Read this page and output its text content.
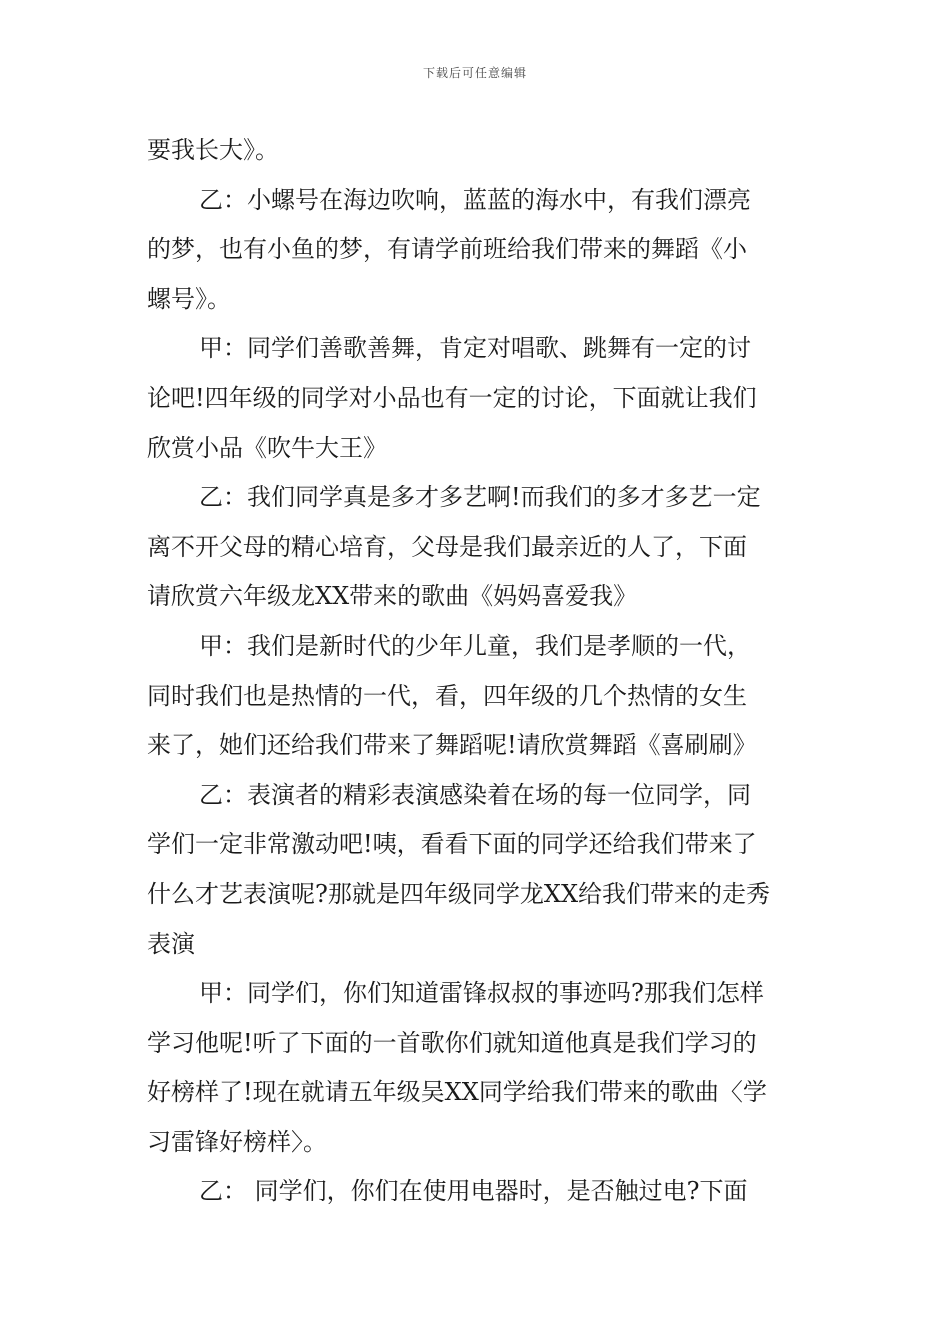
下载后可任意编辑
要我长大》。
乙：小螺号在海边吹响，蓝蓝的海水中，有我们漂亮
的梦，也有小鱼的梦，有请学前班给我们带来的舞蹈《小
螺号》。
甲：同学们善歌善舞，肯定对唱歌、跳舞有一定的讨
论吧!四年级的同学对小品也有一定的讨论，下面就让我们
欣赏小品《吹牛大王》
乙：我们同学真是多才多艺啊!而我们的多才多艺一定
离不开父母的精心培育，父母是我们最亲近的人了，下面
请欣赏六年级龙XX带来的歌曲《妈妈喜爱我》
甲：我们是新时代的少年儿童，我们是孝顺的一代，
同时我们也是热情的一代，看，四年级的几个热情的女生
来了，她们还给我们带来了舞蹈呢!请欣赏舞蹈《喜刷刷》
乙：表演者的精彩表演感染着在场的每一位同学，同
学们一定非常激动吧!咦，看看下面的同学还给我们带来了
什么才艺表演呢?那就是四年级同学龙XX给我们带来的走秀
表演
甲：同学们，你们知道雷锋叔叔的事迹吗?那我们怎样
学习他呢!听了下面的一首歌你们就知道他真是我们学习的
好榜样了!现在就请五年级吴XX同学给我们带来的歌曲〈学
习雷锋好榜样〉。
乙： 同学们，你们在使用电器时，是否触过电?下面
